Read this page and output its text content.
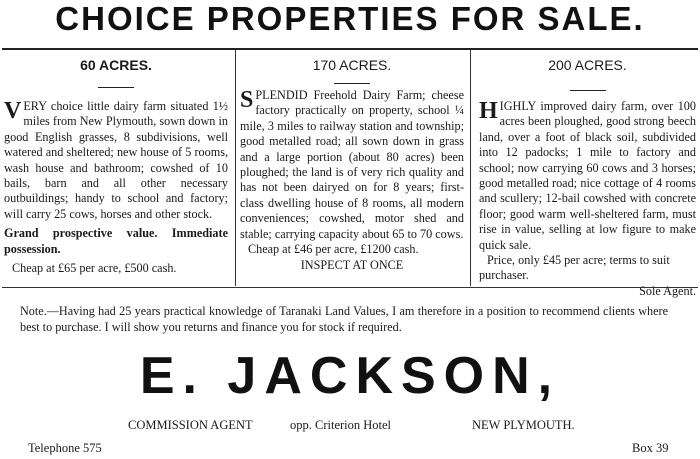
CHOICE PROPERTIES FOR SALE.
60 ACRES.
VERY choice little dairy farm situated 1½ miles from New Plymouth, sown down in good English grasses, 8 subdivisions, well watered and sheltered; new house of 5 rooms, wash house and bathroom; cowshed of 10 bails, barn and all other necessary outbuildings; handy to school and factory; will carry 25 cows, horses and other stock.
Grand prospective value. Immediate possession.
Cheap at £65 per acre, £500 cash.
170 ACRES.
SPLENDID Freehold Dairy Farm; cheese factory practically on property, school ¼ mile, 3 miles to railway station and township; good metalled road; all sown down in grass and a large portion (about 80 acres) been ploughed; the land is of very rich quality and has not been dairyed on for 8 years; first-class dwelling house of 8 rooms, all modern conveniences; cowshed, motor shed and stable; carrying capacity about 65 to 70 cows.
Cheap at £46 per acre, £1200 cash.
INSPECT AT ONCE
200 ACRES.
HIGHLY improved dairy farm, over 100 acres been ploughed, good strong beech land, over a foot of black soil, subdivided into 12 padocks; 1 mile to factory and school; now carrying 60 cows and 3 horses; good metalled road; nice cottage of 4 rooms and scullery; 12-bail cowshed with concrete floor; good warm well-sheltered farm, must rise in value, selling at low figure to make quick sale.
Price, only £45 per acre; terms to suit purchaser.
Sole Agent.
Note.—Having had 25 years practical knowledge of Taranaki Land Values, I am therefore in a position to recommend clients where best to purchase. I will show you returns and finance you for stock if required.
E. JACKSON,
COMMISSION AGENT	opp. Criterion Hotel	NEW PLYMOUTH.
Telephone 575	Box 39
